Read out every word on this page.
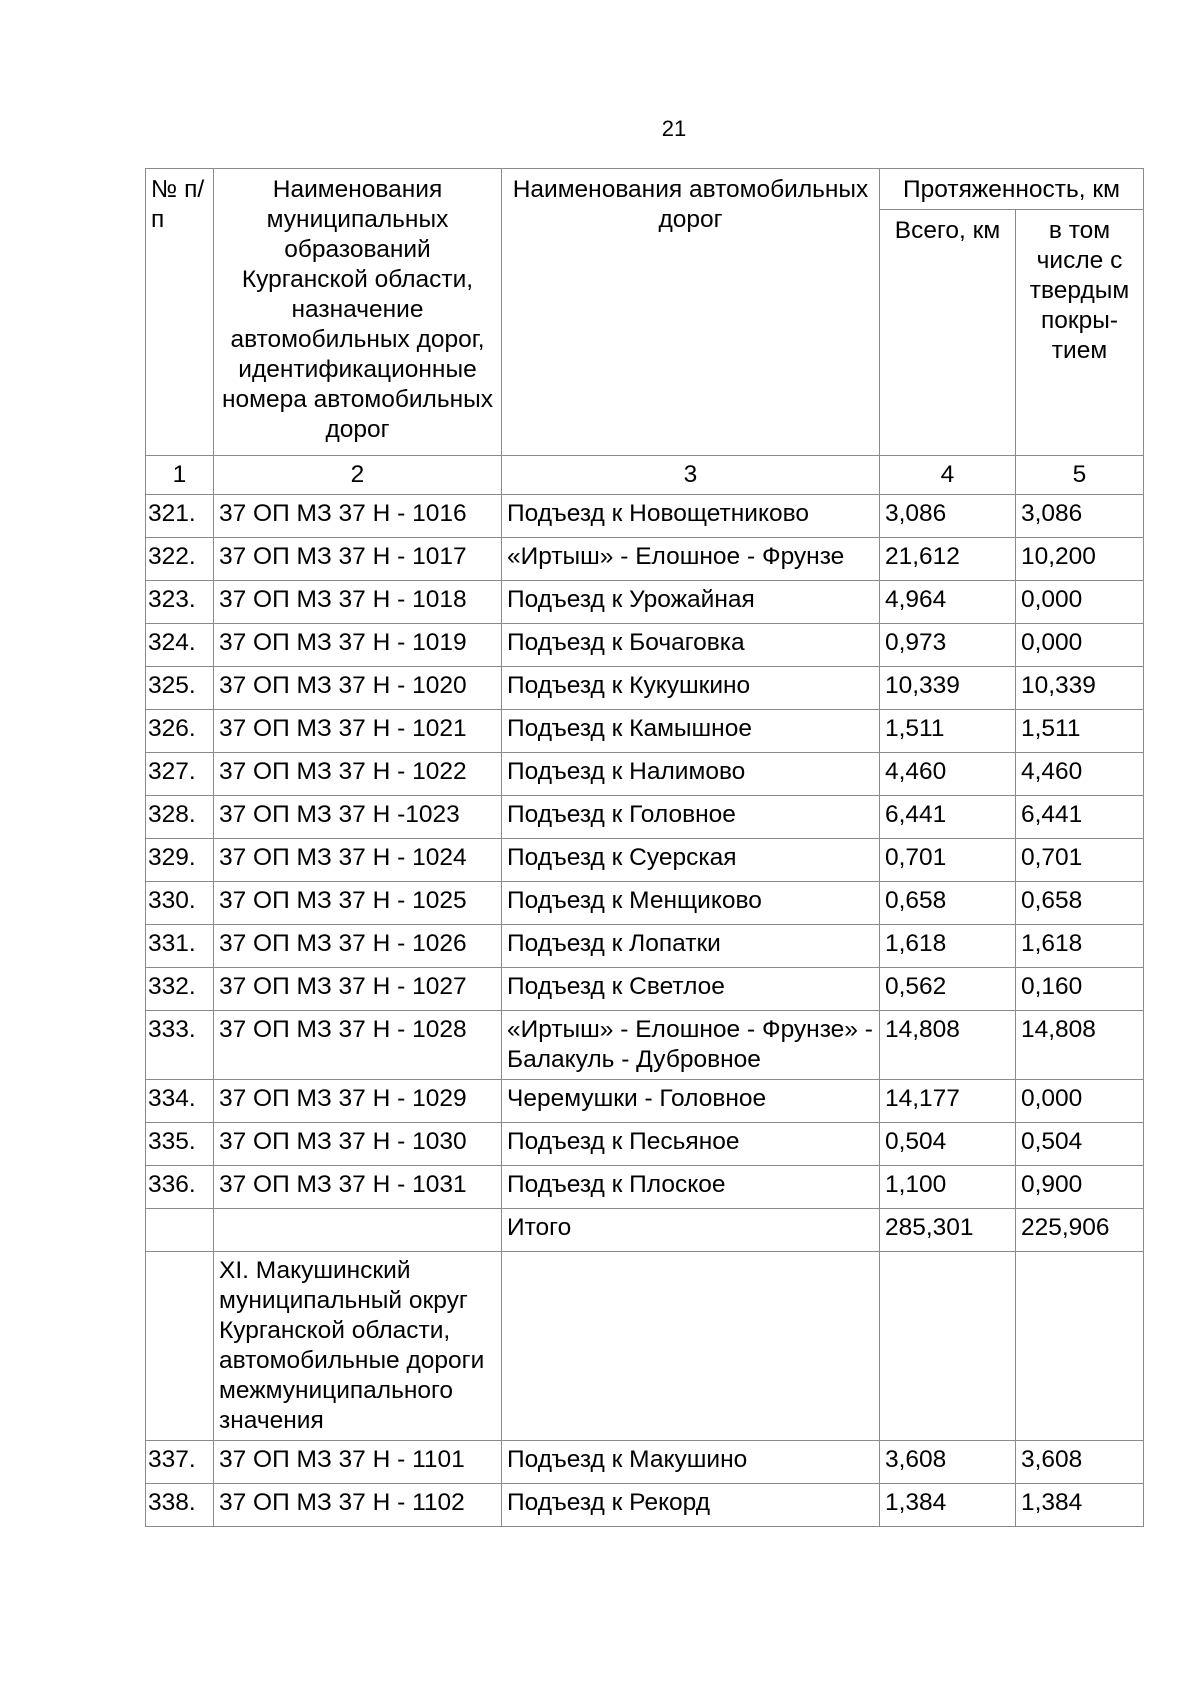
21
№ п/п	Наименования муниципальных образований Курганской области, назначение автомобильных дорог, идентификационные номера автомобильных дорог	Наименования автомобильных дорог	Протяженность, км	
			Всего, км	в том числе с твердым покры-тием
1	2	3	4	5
321.	37 ОП МЗ 37 Н - 1016	Подъезд к Новощетниково	3,086	3,086
322.	37 ОП МЗ 37 Н - 1017	«Иртыш» - Елошное - Фрунзе	21,612	10,200
323.	37 ОП МЗ 37 Н - 1018	Подъезд к Урожайная	4,964	0,000
324.	37 ОП МЗ 37 Н - 1019	Подъезд к Бочаговка	0,973	0,000
325.	37 ОП МЗ 37 Н - 1020	Подъезд к Кукушкино	10,339	10,339
326.	37 ОП МЗ 37 Н - 1021	Подъезд к Камышное	1,511	1,511
327.	37 ОП МЗ 37 Н - 1022	Подъезд к Налимово	4,460	4,460
328.	37 ОП МЗ 37 Н -1023	Подъезд к Головное	6,441	6,441
329.	37 ОП МЗ 37 Н - 1024	Подъезд к Суерская	0,701	0,701
330.	37 ОП МЗ 37 Н - 1025	Подъезд к Менщиково	0,658	0,658
331.	37 ОП МЗ 37 Н - 1026	Подъезд к Лопатки	1,618	1,618
332.	37 ОП МЗ 37 Н - 1027	Подъезд к Светлое	0,562	0,160
333.	37 ОП МЗ 37 Н - 1028	«Иртыш» - Елошное - Фрунзе» - Балакуль - Дубровное	14,808	14,808
334.	37 ОП МЗ 37 Н - 1029	Черемушки - Головное	14,177	0,000
335.	37 ОП МЗ 37 Н - 1030	Подъезд к Песьяное	0,504	0,504
336.	37 ОП МЗ 37 Н - 1031	Подъезд к Плоское	1,100	0,900
		Итого	285,301	225,906
	XI. Макушинский муниципальный округ Курганской области, автомобильные дороги межмуниципального значения			
337.	37 ОП МЗ 37 Н - 1101	Подъезд к Макушино	3,608	3,608
338.	37 ОП МЗ 37 Н - 1102	Подъезд к Рекорд	1,384	1,384
